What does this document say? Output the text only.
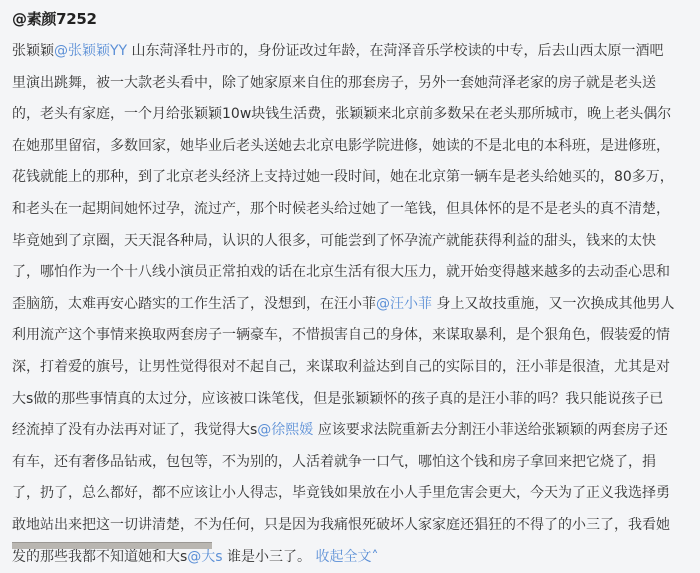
@素颜7252
张颖颖@张颖颖YY 山东菏泽牡丹市的，身份证改过年龄，在菏泽音乐学校读的中专，后去山西太原一酒吧
里演出跳舞，被一大款老头看中，除了她家原来自住的那套房子，另外一套她菏泽老家的房子就是老头送
的，老头有家庭，一个月给张颖颖10w块钱生活费，张颖颖来北京前多数呆在老头那所城市，晚上老头偶尔
在她那里留宿，多数回家，她毕业后老头送她去北京电影学院进修，她读的不是北电的本科班，是进修班，
花钱就能上的那种，到了北京老头经济上支持过她一段时间，她在北京第一辆车是老头给她买的，80多万，
和老头在一起期间她怀过孕，流过产，那个时候老头给过她了一笔钱，但具体怀的是不是老头的真不清楚，
毕竟她到了京圈，天天混各种局，认识的人很多，可能尝到了怀孕流产就能获得利益的甜头，钱来的太快
了，哪怕作为一个十八线小演员正常拍戏的话在北京生活有很大压力，就开始变得越来越多的去动歪心思和
歪脑筋，太难再安心踏实的工作生活了，没想到，在汪小菲@汪小菲 身上又故技重施，又一次换成其他男人
利用流产这个事情来换取两套房子一辆豪车，不惜损害自己的身体，来谋取暴利，是个狠角色，假装爱的情
深，打着爱的旗号，让男性觉得很对不起自己，来谋取利益达到自己的实际目的，汪小菲是很渣，尤其是对
大s做的那些事情真的太过分，应该被口诛笔伐，但是张颖颖怀的孩子真的是汪小菲的吗？我只能说孩子已
经流掉了没有办法再对证了，我觉得大s@徐熙媛 应该要求法院重新去分割汪小菲送给张颖颖的两套房子还
有车，还有奢侈品钻戒，包包等，不为别的，人活着就争一口气，哪怕这个钱和房子拿回来把它烧了，捐
了，扔了，总么都好，都不应该让小人得志，毕竟钱如果放在小人手里危害会更大，今天为了正义我选择勇
敢地站出来把这一切讲清楚，不为任何，只是因为我痛恨死破坏人家家庭还猖狂的不得了的小三了，我看她
发的那些我都不知道她和大s@大s 谁是小三了。 收起全文˄
